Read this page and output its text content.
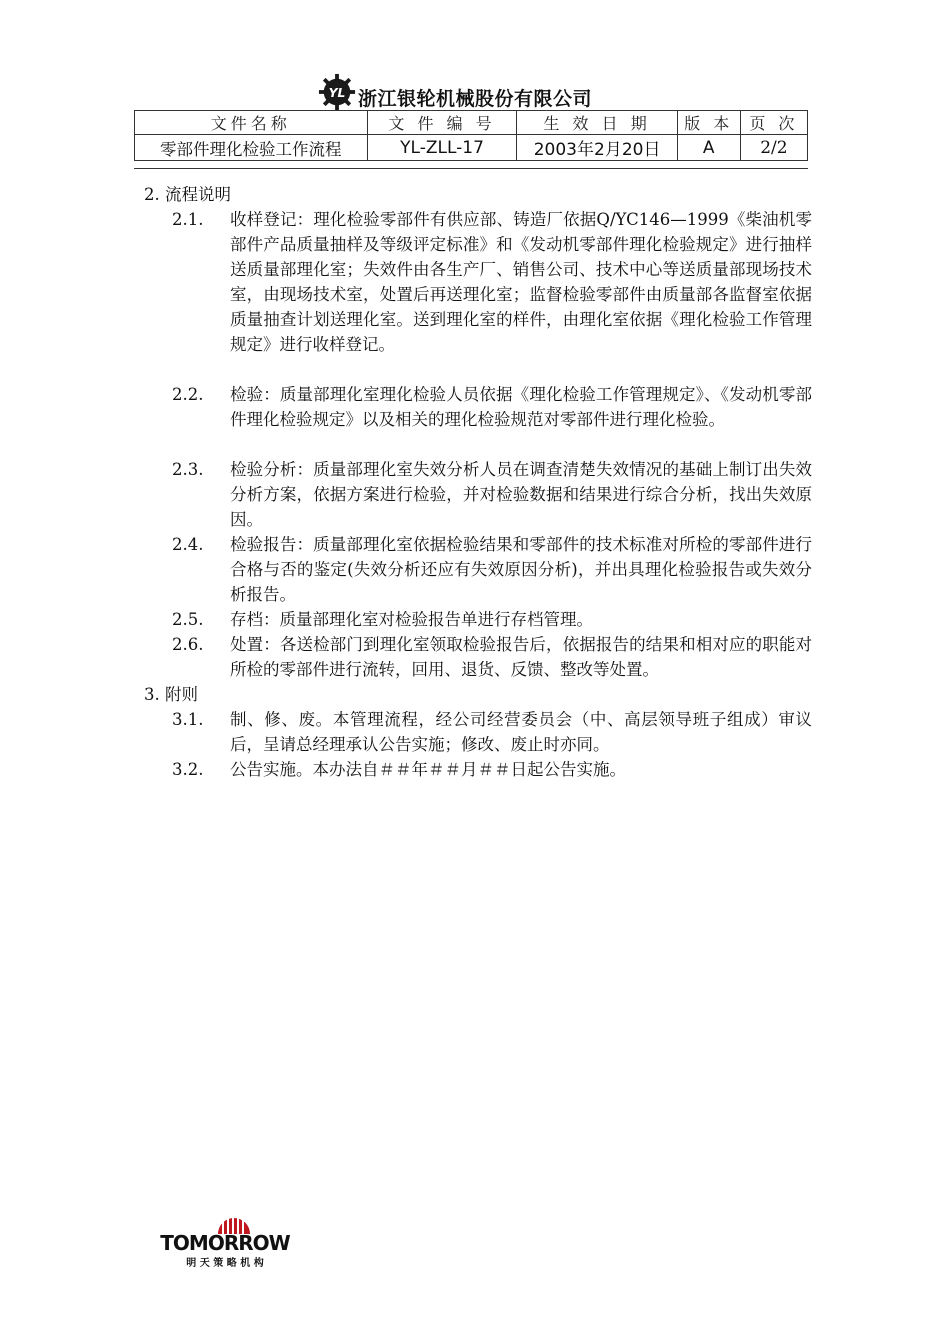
YL 浙江银轮机械股份有限公司
文件名称	文 件 编 号	生 效 日 期	版 本	页 次
零部件理化检验工作流程	YL-ZLL-17	2003年2月20日	A	2/2
2. 流程说明
2.1. 收样登记：理化检验零部件有供应部、铸造厂依据Q/YC146—1999《柴油机零部件产品质量抽样及等级评定标准》和《发动机零部件理化检验规定》进行抽样送质量部理化室；失效件由各生产厂、销售公司、技术中心等送质量部现场技术室，由现场技术室，处置后再送理化室；监督检验零部件由质量部各监督室依据质量抽查计划送理化室。送到理化室的样件，由理化室依据《理化检验工作管理规定》进行收样登记。
2.2. 检验：质量部理化室理化检验人员依据《理化检验工作管理规定》、《发动机零部件理化检验规定》以及相关的理化检验规范对零部件进行理化检验。
2.3. 检验分析：质量部理化室失效分析人员在调查清楚失效情况的基础上制订出失效分析方案，依据方案进行检验，并对检验数据和结果进行综合分析，找出失效原因。
2.4. 检验报告：质量部理化室依据检验结果和零部件的技术标准对所检的零部件进行合格与否的鉴定(失效分析还应有失效原因分析)，并出具理化检验报告或失效分析报告。
2.5. 存档：质量部理化室对检验报告单进行存档管理。
2.6. 处置：各送检部门到理化室领取检验报告后，依据报告的结果和相对应的职能对所检的零部件进行流转，回用、退货、反馈、整改等处置。
3. 附则
3.1. 制、修、废。本管理流程，经公司经营委员会（中、高层领导班子组成）审议后，呈请总经理承认公告实施；修改、废止时亦同。
3.2. 公告实施。本办法自＃＃年＃＃月＃＃日起公告实施。
TOMORROW
明 天 策 略 机 构
